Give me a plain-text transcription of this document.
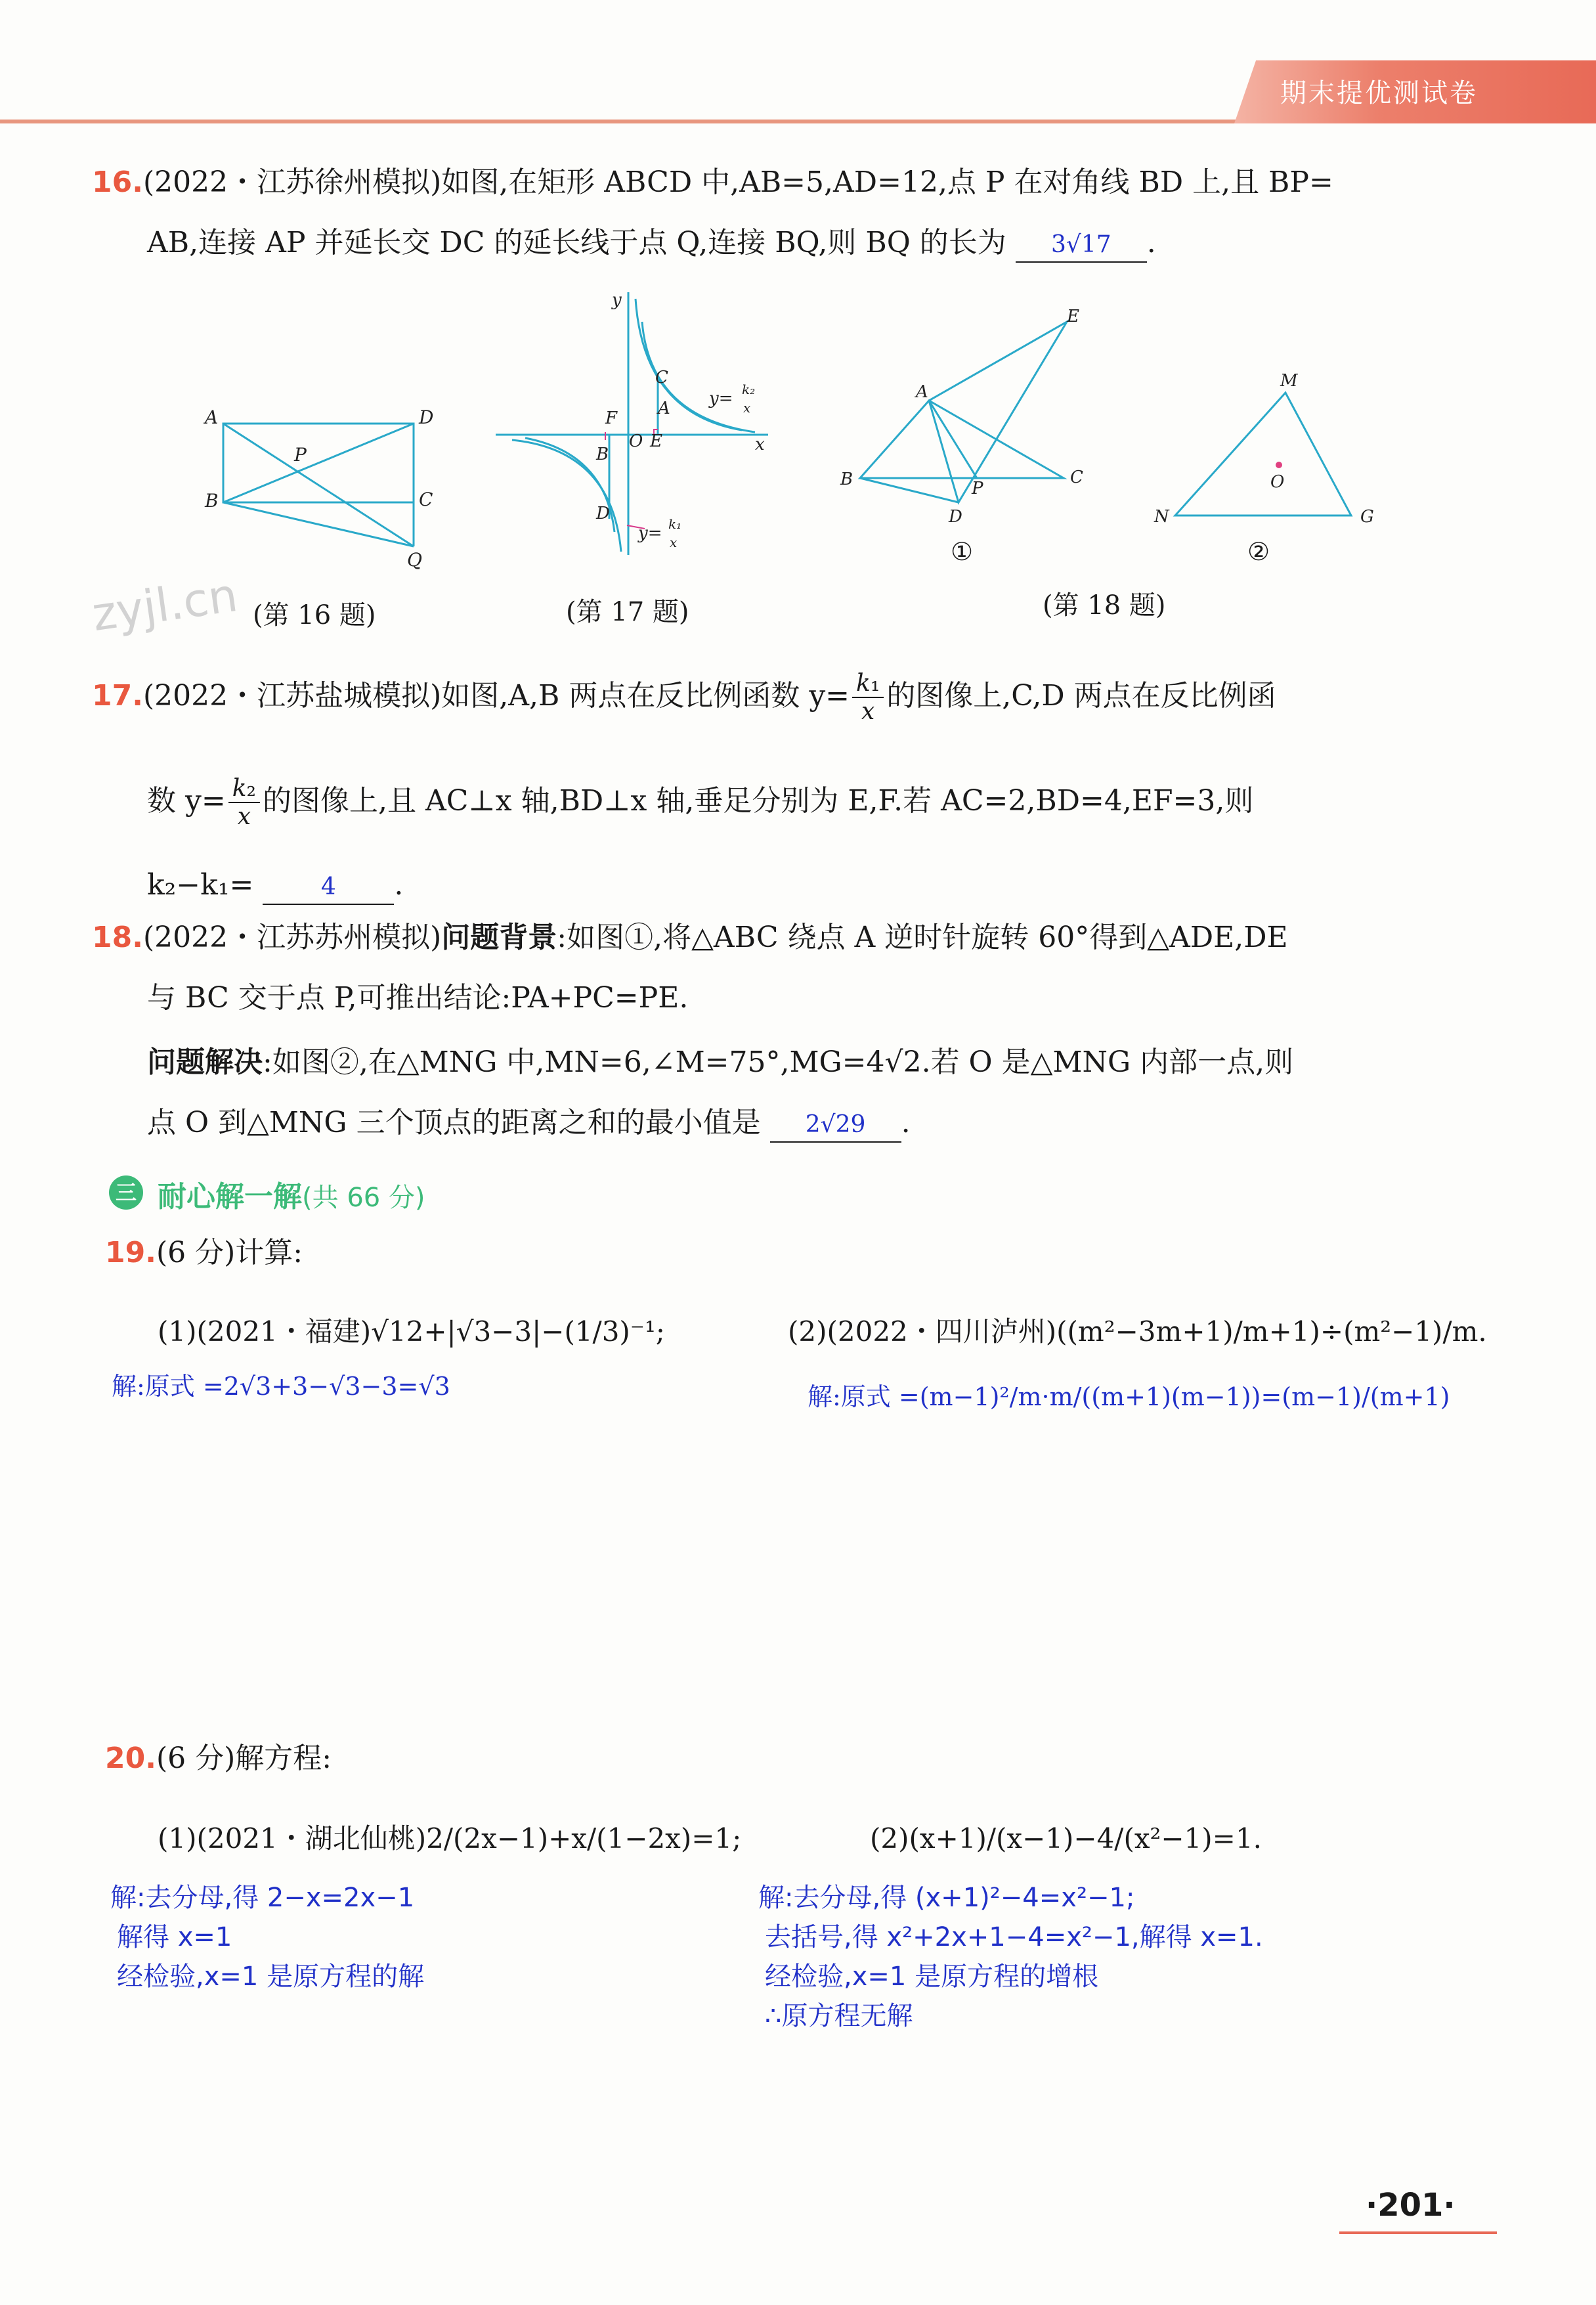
期末提优测试卷
16.(2022・江苏徐州模拟)如图,在矩形 ABCD 中,AB=5,AD=12,点 P 在对角线 BD 上,且 BP=
AB,连接 AP 并延长交 DC 的延长线于点 Q,连接 BQ,则 BQ 的长为 3√17 .
A	D
B	C
P
Q
(第 16 题)
y
x
C
A
F
O E
B
D
y= k₂
x
y= k₁
x
(第 17 题)
B
A
C
D
P
E
①
N
M
G
O
②
(第 18 题)
zyjl.cn
17.(2022・江苏盐城模拟)如图,A,B 两点在反比例函数 $y= \frac{\text{k₁}}{x}$ 的图像上,C,D 两点在反比例函
数 $y= \frac{\text{k₂}}{x}$ 的图像上,且 AC⊥x 轴,BD⊥x 轴,垂足分别为 E,F.若 AC=2,BD=4,EF=3,则
k₂−k₁=	4 .
18.(2022・江苏苏州模拟)问题背景:如图①,将△ABC 绕点 A 逆时针旋转 60°得到△ADE,DE
与 BC 交于点 P,可推出结论:PA+PC=PE.
问题解决:如图②,在△MNG 中,MN=6,∠M=75°,MG=4√2.若 O 是△MNG 内部一点,则
点 O 到△MNG 三个顶点的距离之和的最小值是 2√29 .
三 耐心解一解(共 66 分)
19.(6 分)计算:
(1)(2021・福建)√12+|√3−3|−(1/3)⁻¹;	(2)(2022・四川泸州)((m²−3m+1)/m+1)÷(m²−1)/m.
解:原式 =2√3+3−√3−3=√3	解:原式 =(m−1)²/m·m/((m+1)(m−1))=(m−1)/(m+1)
20.(6 分)解方程:
(1)(2021・湖北仙桃)2/(2x−1)+x/(1−2x)=1;	(2)(x+1)/(x−1)−4/(x²−1)=1.
解:去分母,得 2−x=2x−1
解得 x=1
经检验,x=1 是原方程的解
解:去分母,得 (x+1)²−4=x²−1;
去括号,得 x²+2x+1−4=x²−1,解得 x=1.
经检验,x=1 是原方程的增根
∴原方程无解
·201·
